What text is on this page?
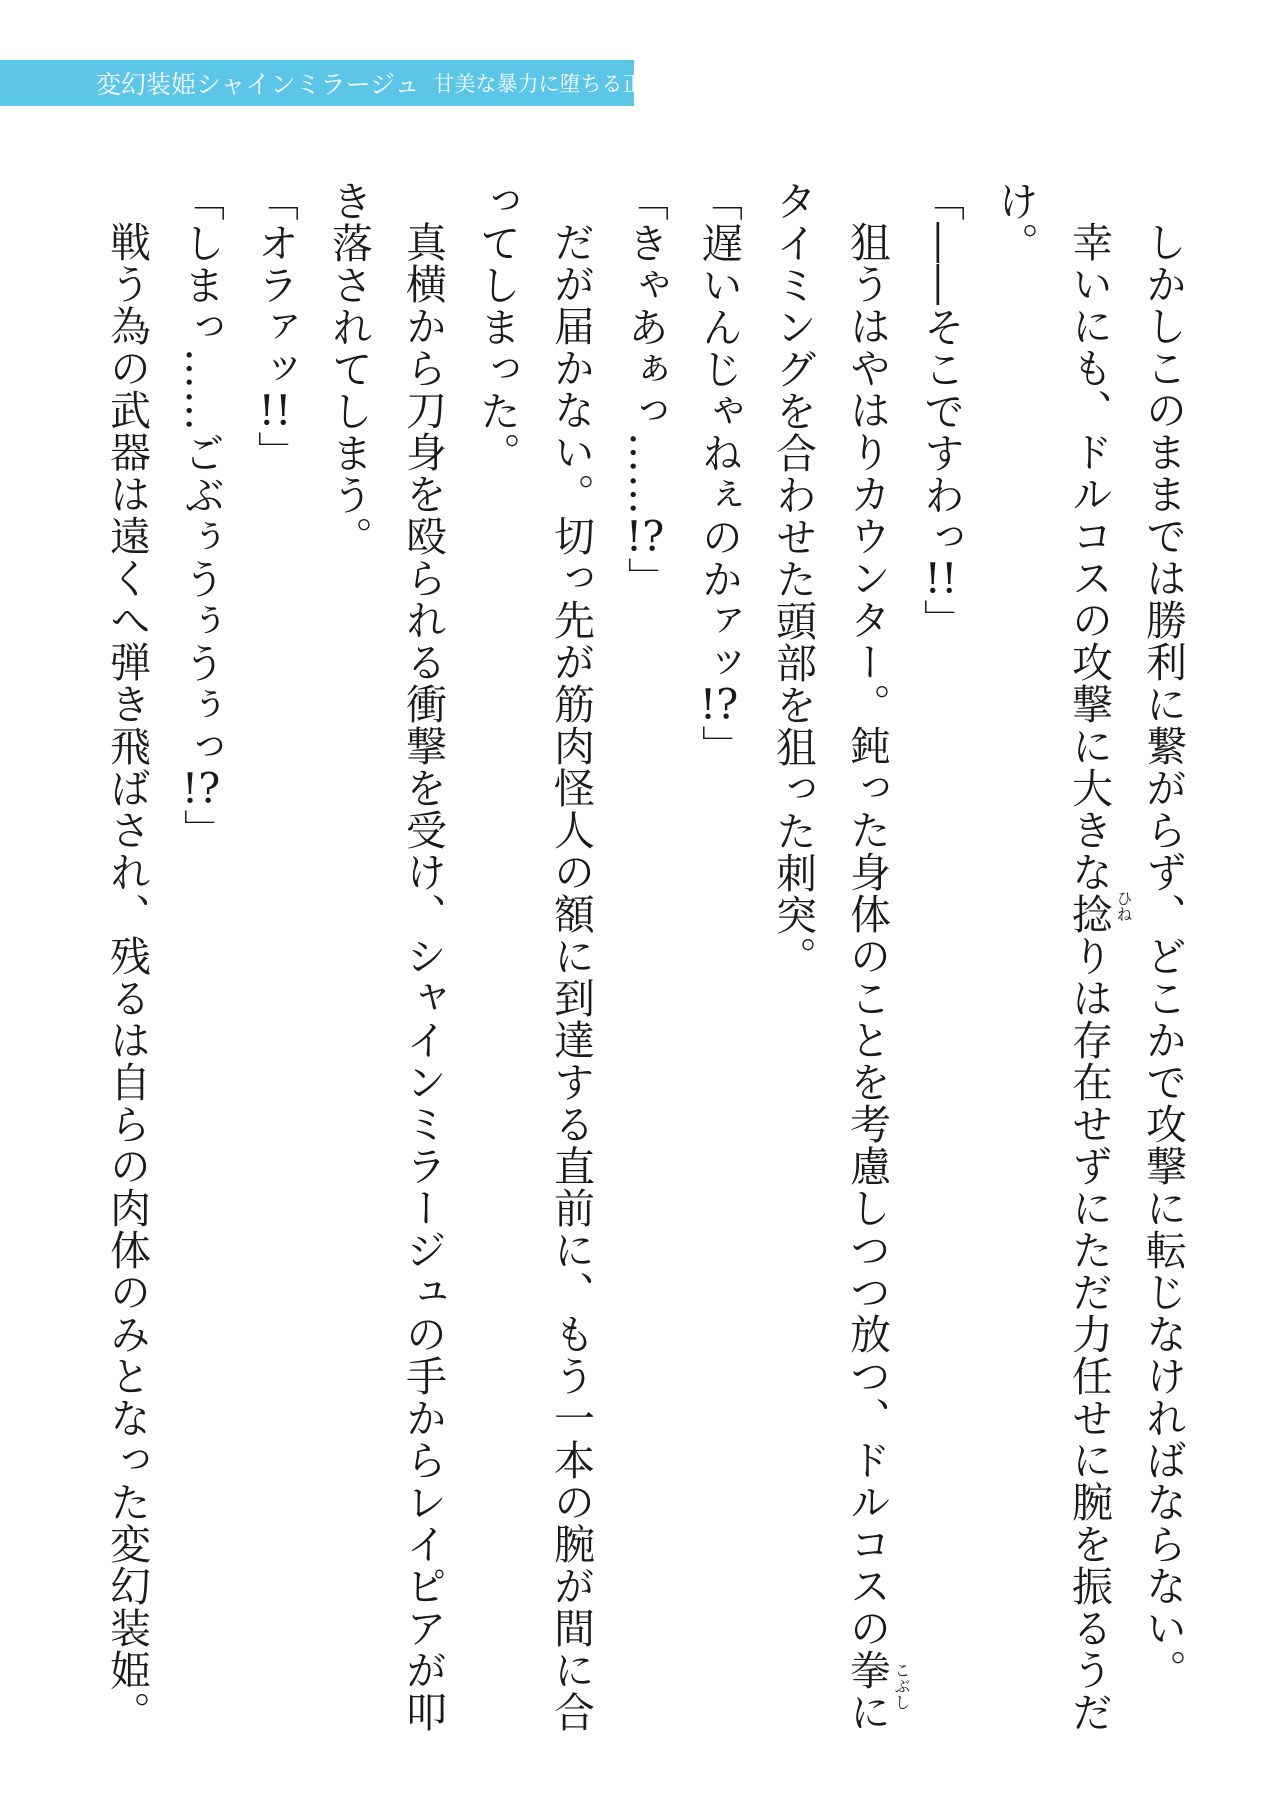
変幻装姫シャインミラージュ 甘美な暴力に堕ちる正義

しかしこのままでは勝利に繋がらず、どこかで攻撃に転じなければならない。

幸いにも、ドルコスの攻撃に大きな捻りは存在せずにただ力任せに腕を振るうだけ。

「――そこですわっ!!」

狙うはやはりカウンター。鈍った身体のことを考慮しつつ放つ、ドルコスの拳にタイミングを合わせた頭部を狙った刺突。

「遅いんじゃねぇのかァッ!?」

「きゃあぁっ……!?」

だが届かない。切っ先が筋肉怪人の額に到達する直前に、もう一本の腕が間に合ってしまった。

真横から刀身を殴られる衝撃を受け、シャインミラージュの手からレイピアが叩き落されてしまう。

「オラァッ!!」

「しまっ……ごぶぅうぅうぅっ!?」

戦う為の武器は遠くへ弾き飛ばされ、残るは自らの肉体のみとなった変幻装姫。	ひね
こぶし
